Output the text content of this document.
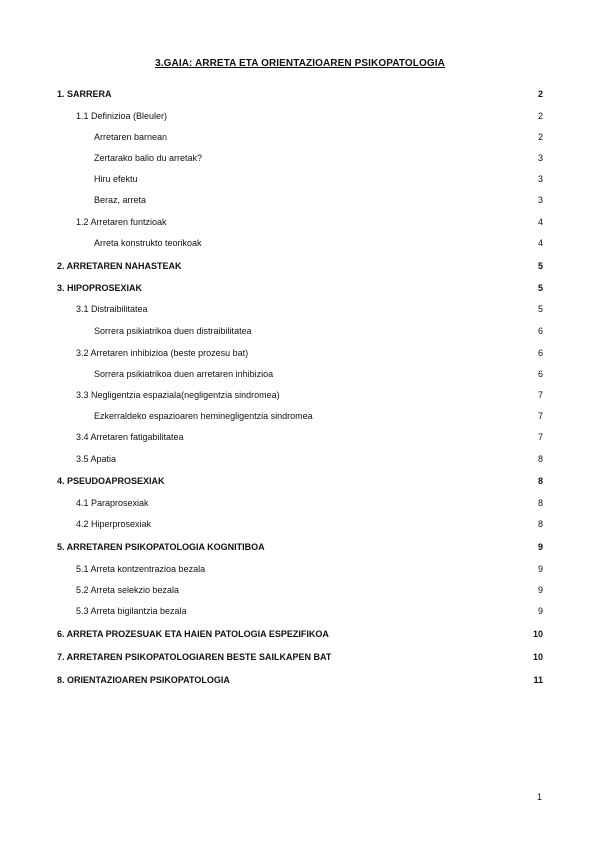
3.GAIA: ARRETA ETA ORIENTAZIOAREN PSIKOPATOLOGIA
1. SARRERA	2
1.1 Definizioa (Bleuler)	2
Arretaren barnean	2
Zertarako balio du arretak?	3
Hiru efektu	3
Beraz, arreta	3
1.2 Arretaren funtzioak	4
Arreta konstrukto teorikoak	4
2. ARRETAREN NAHASTEAK	5
3. HIPOPROSEXIAK	5
3.1 Distraibilitatea	5
Sorrera psikiatrikoa duen distraibilitatea	6
3.2 Arretaren inhibizioa (beste prozesu bat)	6
Sorrera psikiatrikoa duen arretaren inhibizioa	6
3.3 Negligentzia espaziala(negligentzia sindromea)	7
Ezkerraldeko espazioaren heminegligentzia sindromea	7
3.4 Arretaren fatigabilitatea	7
3.5 Apatia	8
4. PSEUDOAPROSEXIAK	8
4.1 Paraprosexiak	8
4.2 Hiperprosexiak	8
5. ARRETAREN PSIKOPATOLOGIA KOGNITIBOA	9
5.1 Arreta kontzentrazioa bezala	9
5.2 Arreta selekzio bezala	9
5.3 Arreta bigilantzia bezala	9
6. ARRETA PROZESUAK ETA HAIEN PATOLOGIA ESPEZIFIKOA	10
7. ARRETAREN PSIKOPATOLOGIAREN BESTE SAILKAPEN BAT	10
8. ORIENTAZIOAREN PSIKOPATOLOGIA	11
1
